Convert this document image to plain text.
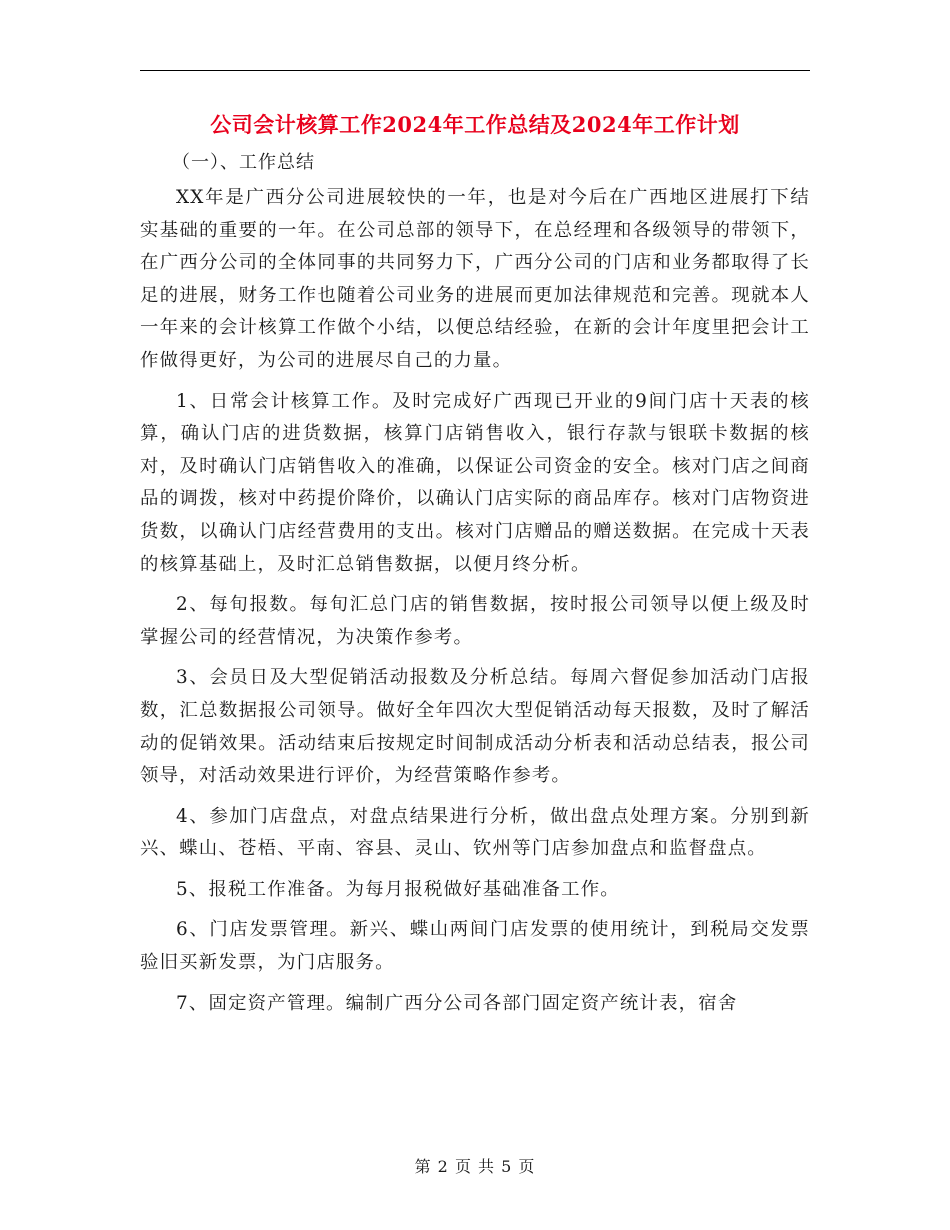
公司会计核算工作2024年工作总结及2024年工作计划

（一）、工作总结

XX年是广西分公司进展较快的一年，也是对今后在广西地区进展打下结实基础的重要的一年。在公司总部的领导下，在总经理和各级领导的带领下，在广西分公司的全体同事的共同努力下，广西分公司的门店和业务都取得了长足的进展，财务工作也随着公司业务的进展而更加法律规范和完善。现就本人一年来的会计核算工作做个小结，以便总结经验，在新的会计年度里把会计工作做得更好，为公司的进展尽自己的力量。

1、日常会计核算工作。及时完成好广西现已开业的9间门店十天表的核算，确认门店的进货数据，核算门店销售收入，银行存款与银联卡数据的核对，及时确认门店销售收入的准确，以保证公司资金的安全。核对门店之间商品的调拨，核对中药提价降价，以确认门店实际的商品库存。核对门店物资进货数，以确认门店经营费用的支出。核对门店赠品的赠送数据。在完成十天表的核算基础上，及时汇总销售数据，以便月终分析。

2、每旬报数。每旬汇总门店的销售数据，按时报公司领导以便上级及时掌握公司的经营情况，为决策作参考。

3、会员日及大型促销活动报数及分析总结。每周六督促参加活动门店报数，汇总数据报公司领导。做好全年四次大型促销活动每天报数，及时了解活动的促销效果。活动结束后按规定时间制成活动分析表和活动总结表，报公司领导，对活动效果进行评价，为经营策略作参考。

4、参加门店盘点，对盘点结果进行分析，做出盘点处理方案。分别到新兴、蝶山、苍梧、平南、容县、灵山、钦州等门店参加盘点和监督盘点。

5、报税工作准备。为每月报税做好基础准备工作。

6、门店发票管理。新兴、蝶山两间门店发票的使用统计，到税局交发票验旧买新发票，为门店服务。

7、固定资产管理。编制广西分公司各部门固定资产统计表，宿舍

第 2 页 共 5 页
